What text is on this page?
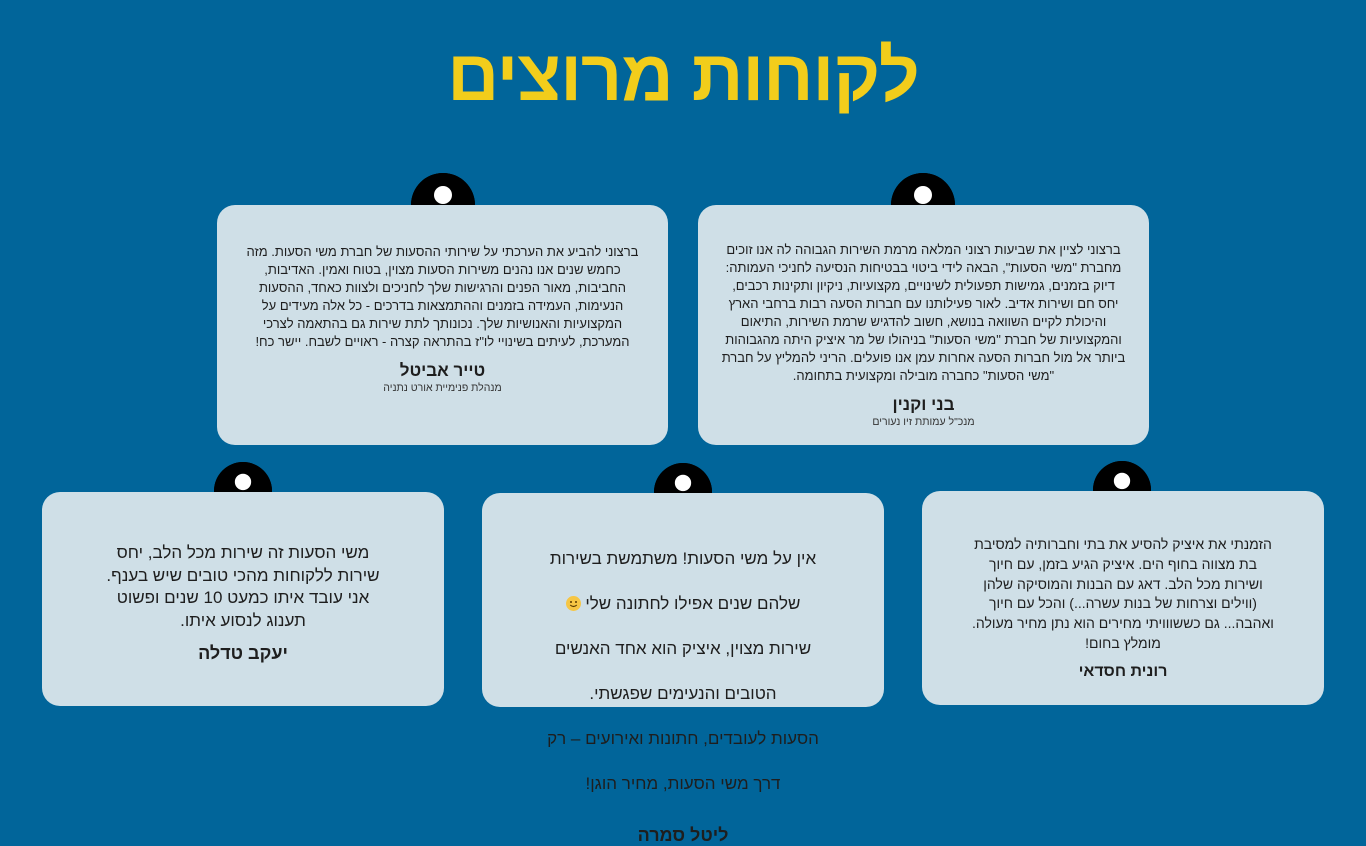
לקוחות מרוצים
ברצוני לציין את שביעות רצוני המלאה מרמת השירות הגבוהה לה אנו זוכים
מחברת "משי הסעות", הבאה לידי ביטוי בבטיחות הנסיעה לחניכי העמותה:
דיוק בזמנים, גמישות תפעולית לשינויים, מקצועיות, ניקיון ותקינות רכבים,
יחס חם ושירות אדיב. לאור פעילותנו עם חברות הסעה רבות ברחבי הארץ
והיכולת לקיים השוואה בנושא, חשוב להדגיש שרמת השירות, התיאום
והמקצועיות של חברת "משי הסעות" בניהולו של מר איציק היתה מהגבוהות
ביותר אל מול חברות הסעה אחרות עמן אנו פועלים. הריני להמליץ על חברת
"משי הסעות" כחברה מובילה ומקצועית בתחומה.
בני וקנין
מנכ"ל עמותת זיו נעורים
ברצוני להביע את הערכתי על שירותי ההסעות של חברת משי הסעות. מזה
כחמש שנים אנו נהנים משירות הסעות מצוין, בטוח ואמין. האדיבות,
החביבות, מאור הפנים והרגישות שלך לחניכים ולצוות כאחד, ההסעות
הנעימות, העמידה בזמנים וההתמצאות בדרכים - כל אלה מעידים על
המקצועיות והאנושיות שלך. נכונותך לתת שירות גם בהתאמה לצרכי
המערכת, לעיתים בשינויי לו"ז בהתראה קצרה - ראויים לשבח. יישר כח!
טייר אביטל
מנהלת פנימיית אורט נתניה
הזמנתי את איציק להסיע את בתי וחברותיה למסיבת
בת מצווה בחוף הים. איציק הגיע בזמן, עם חיוך
ושירות מכל הלב. דאג עם הבנות והמוסיקה שלהן
(ווילים וצרחות של בנות עשרה...) והכל עם חיוך
ואהבה... גם כששווויתי מחירים הוא נתן מחיר מעולה.
מומלץ בחום!
רונית חסדאי

אין על משי הסעות! משתמשת בשירות

שלהם שנים אפילו לחתונה שלי

שירות מצוין, איציק הוא אחד האנשים

הטובים והנעימים שפגשתי.

הסעות לעובדים, חתונות ואירועים – רק

דרך משי הסעות, מחיר הוגן!

ליטל סמרה
משי הסעות זה שירות מכל הלב, יחס
שירות ללקוחות מהכי טובים שיש בענף.
אני עובד איתו כמעט 10 שנים ופשוט
תענוג לנסוע איתו.
יעקב טדלה
